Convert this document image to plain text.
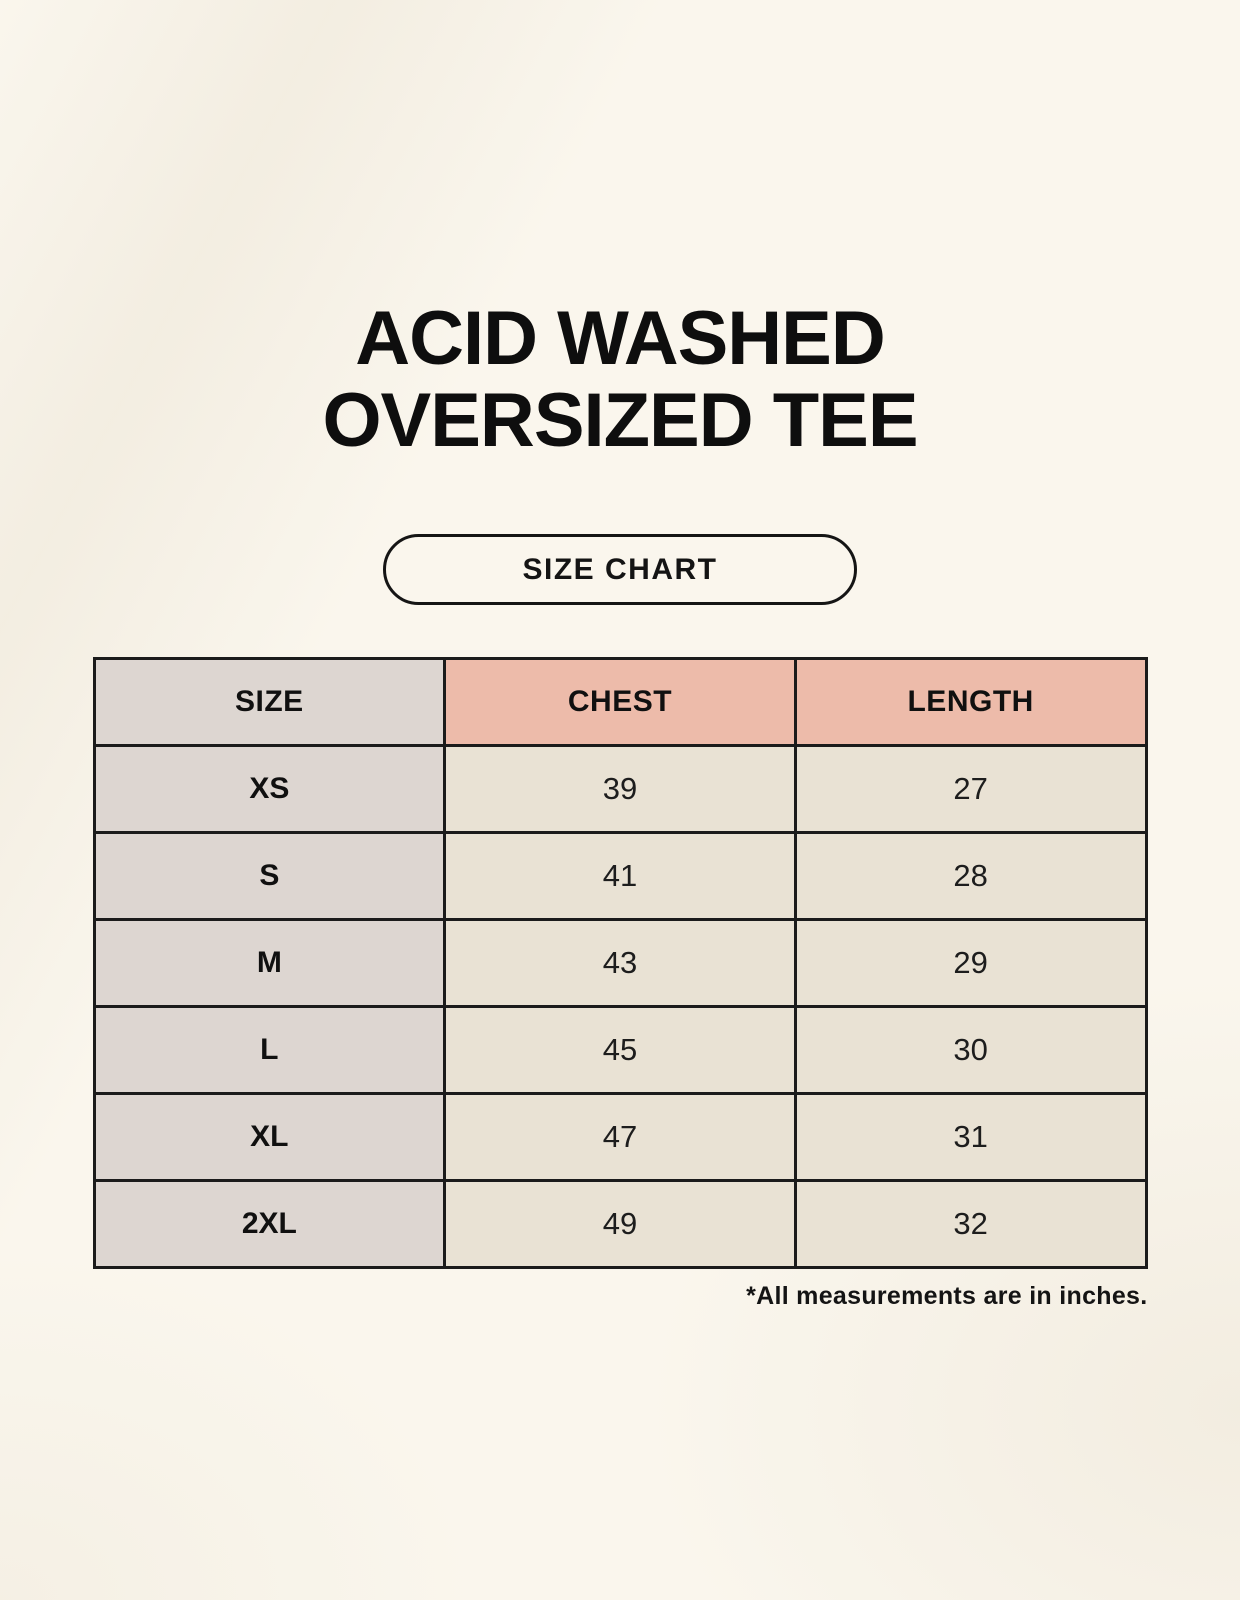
ACID WASHED
OVERSIZED TEE
SIZE CHART
SIZE	CHEST	LENGTH
XS	39	27
S	41	28
M	43	29
L	45	30
XL	47	31
2XL	49	32
*All measurements are in inches.
